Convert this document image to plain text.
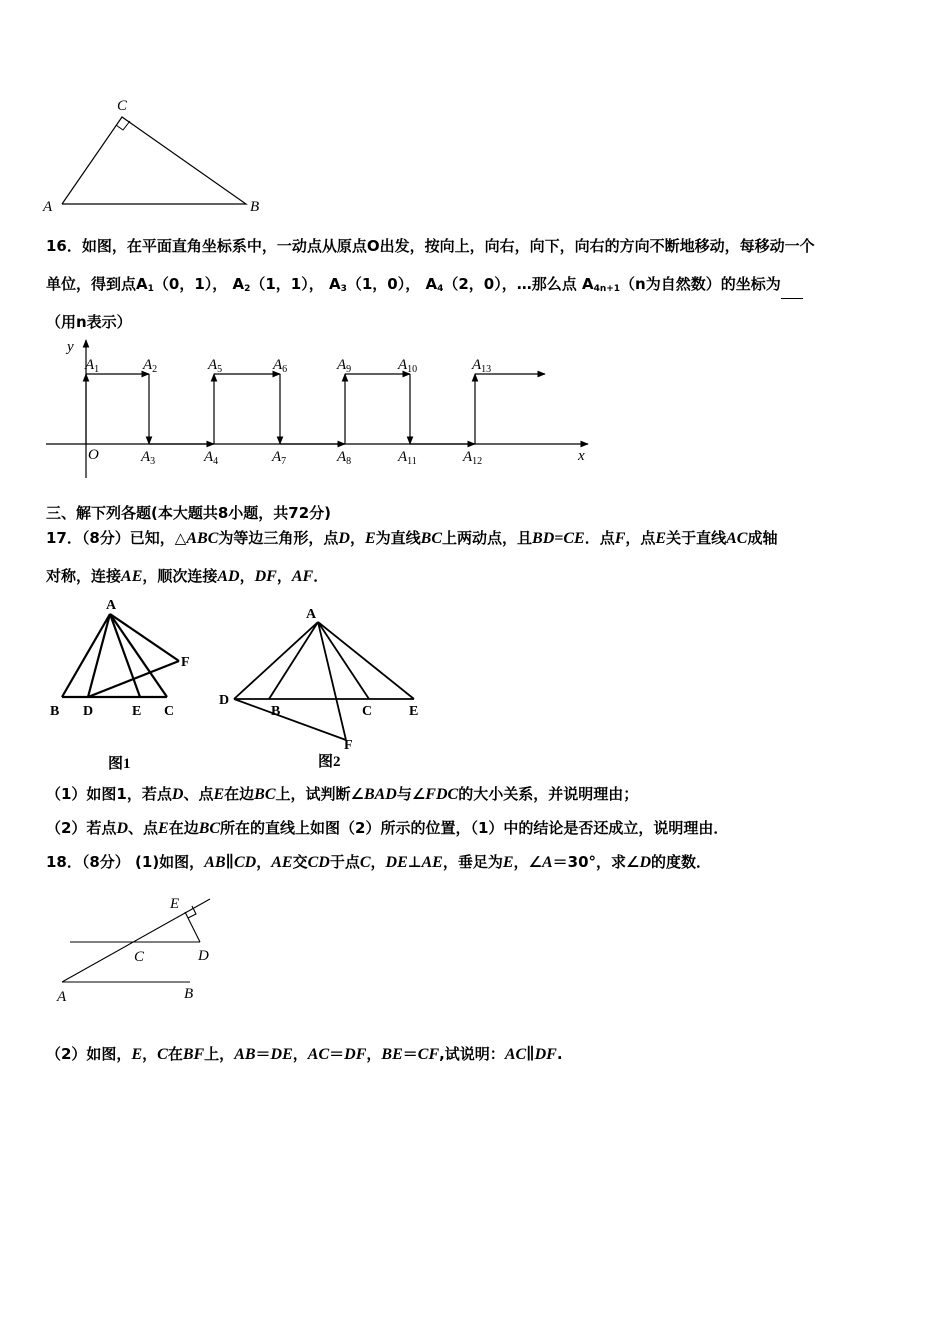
C
A	B
16．如图，在平面直角坐标系中，一动点从原点O出发，按向上，向右，向下，向右的方向不断地移动，每移动一个
单位，得到点$A_1(0$，1）， $A_2(1$，1）， $A_3(1$，0）， $A_4(2$，0），…那么点 $A_{4n+1}(n$为自然数）的坐标为
（用n表示）
y
x
O
$A_1$	$A_2$	$A_5$	$A_6$	$A_9$	$A_{10}$	$A_{13}$
$A_3$	$A_4$	$A_7$	$A_8$	$A_{11}$	$A_{12}$
三、解下列各题(本大题共8小题，共72分)
17．（8分）已知，△ABC为等边三角形，点D，E为直线BC上两动点，且BD=CE．点F，点E关于直线AC成轴
对称，连接AE，顺次连接AD，DF，AF．
A
F
B D	E C
图1
A
D
B	C	E
F
图2
（1）如图1，若点D、点E在边BC上，试判断∠BAD与∠FDC的大小关系，并说明理由；
（2）若点D、点E在边BC所在的直线上如图（2）所示的位置，（1）中的结论是否还成立，说明理由．
18．（8分） (1)如图，AB∥CD，AE交CD于点C，DE⊥AE，垂足为E，∠A＝30°，求∠D的度数．
E
C	D
A	B
（2）如图，E，C在BF上，AB＝DE，AC＝DF，BE＝CF,试说明：AC∥DF.
